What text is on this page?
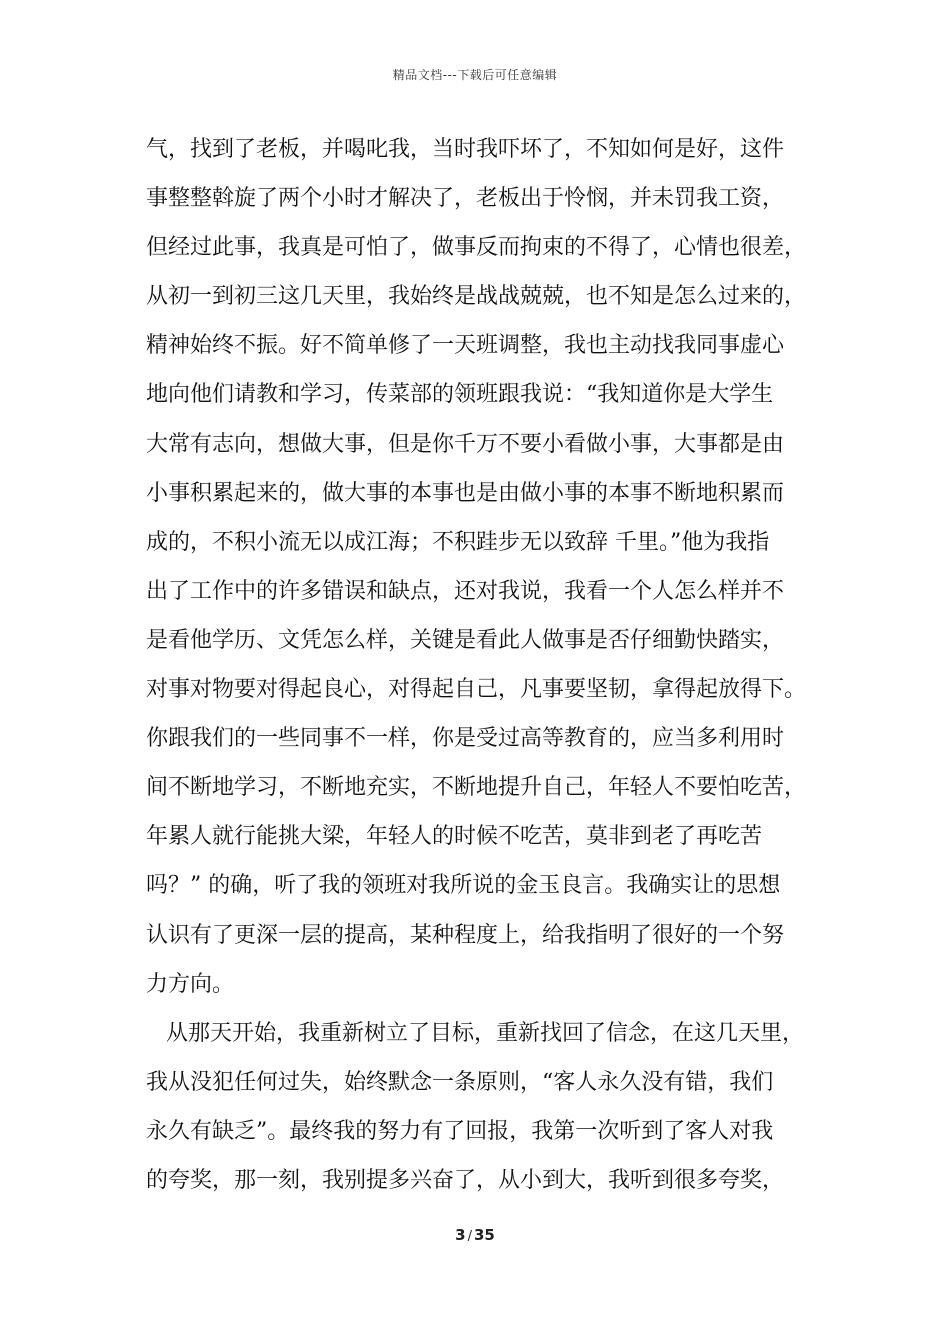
精品文档---下载后可任意编辑
气，找到了老板，并喝叱我，当时我吓坏了，不知如何是好，这件
事整整斡旋了两个小时才解决了，老板出于怜悯，并未罚我工资，
但经过此事，我真是可怕了，做事反而拘束的不得了，心情也很差，
从初一到初三这几天里，我始终是战战兢兢，也不知是怎么过来的，
精神始终不振。好不简单修了一天班调整，我也主动找我同事虚心
地向他们请教和学习，传菜部的领班跟我说：“我知道你是大学生
大常有志向，想做大事，但是你千万不要小看做小事，大事都是由
小事积累起来的，做大事的本事也是由做小事的本事不断地积累而
成的，不积小流无以成江海；不积跬步无以致辞 千里。”他为我指
出了工作中的许多错误和缺点，还对我说，我看一个人怎么样并不
是看他学历、文凭怎么样，关键是看此人做事是否仔细勤快踏实，
对事对物要对得起良心，对得起自己，凡事要坚韧，拿得起放得下。
你跟我们的一些同事不一样，你是受过高等教育的，应当多利用时
间不断地学习，不断地充实，不断地提升自己，年轻人不要怕吃苦，
年累人就行能挑大梁，年轻人的时候不吃苦，莫非到老了再吃苦
吗？” 的确，听了我的领班对我所说的金玉良言。我确实让的思想
认识有了更深一层的提高，某种程度上，给我指明了很好的一个努
力方向。
从那天开始，我重新树立了目标，重新找回了信念，在这几天里，
我从没犯任何过失，始终默念一条原则，“客人永久没有错，我们
永久有缺乏”。最终我的努力有了回报，我第一次听到了客人对我
的夸奖，那一刻，我别提多兴奋了，从小到大，我听到很多夸奖，
3 / 35
